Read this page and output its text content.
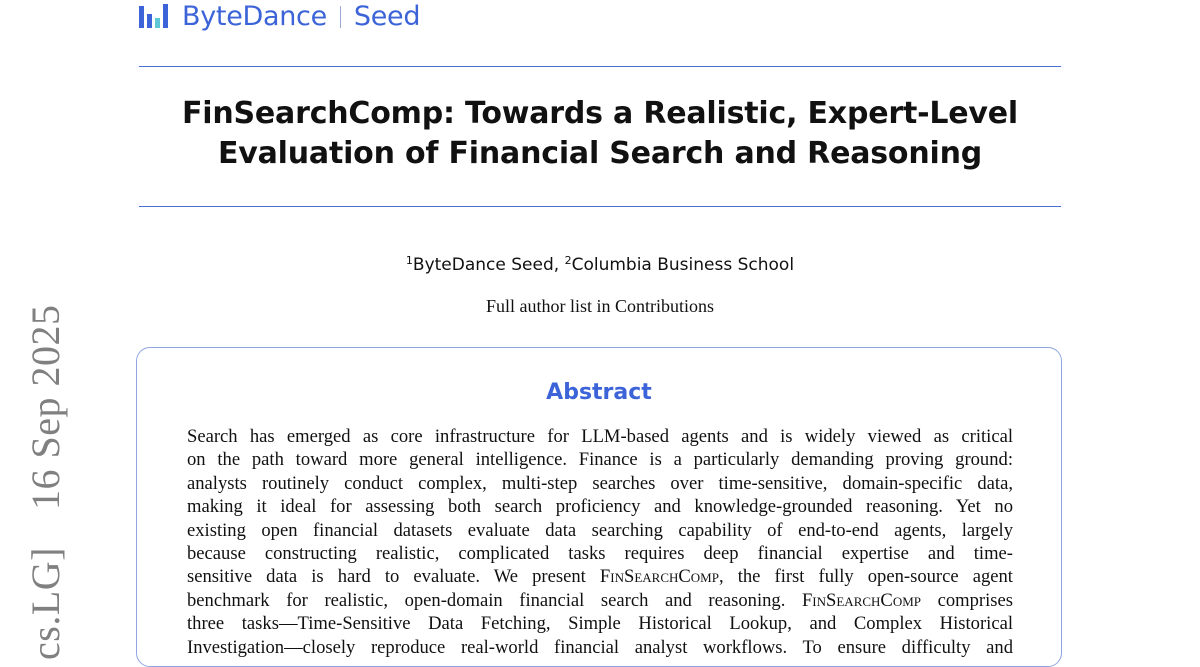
ByteDance Seed
FinSearchComp: Towards a Realistic, Expert-Level
Evaluation of Financial Search and Reasoning
$^1$ByteDance Seed, $^2$Columbia Business School
Full author list in Contributions
cs.LG]  16 Sep 2025	Abstract
Search has emerged as core infrastructure for LLM-based agents and is widely viewed as critical
on the path toward more general intelligence. Finance is a particularly demanding proving ground:
analysts routinely conduct complex, multi-step searches over time-sensitive, domain-specific data,
making it ideal for assessing both search proficiency and knowledge-grounded reasoning. Yet no
existing open financial datasets evaluate data searching capability of end-to-end agents, largely
because constructing realistic, complicated tasks requires deep financial expertise and time-
sensitive data is hard to evaluate. We present FinSearchComp, the first fully open-source agent
benchmark for realistic, open-domain financial search and reasoning. FinSearchComp comprises
three tasks—Time-Sensitive Data Fetching, Simple Historical Lookup, and Complex Historical
Investigation—closely reproduce real-world financial analyst workflows. To ensure difficulty and
